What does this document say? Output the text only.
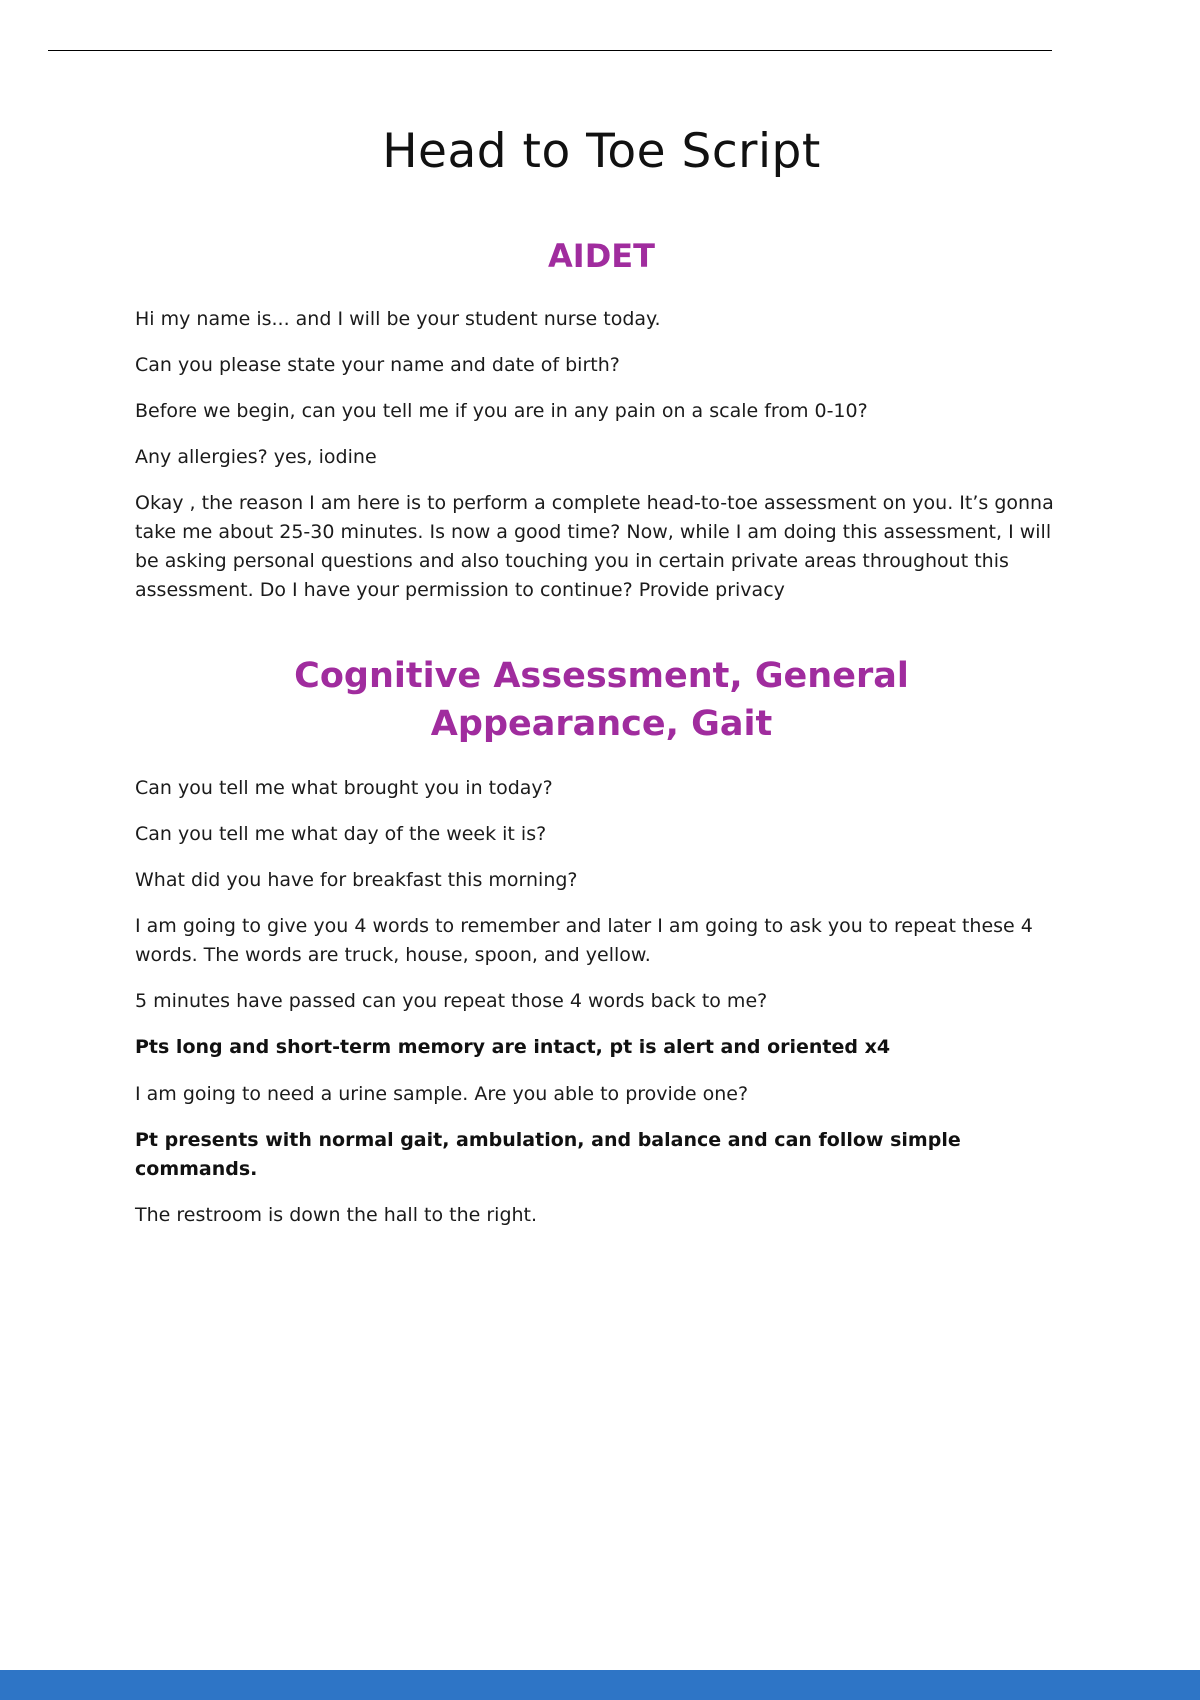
Head to Toe Script
AIDET

Hi my name is... and I will be your student nurse today.

Can you please state your name and date of birth?

Before we begin, can you tell me if you are in any pain on a scale from 0-10?

Any allergies? yes, iodine

Okay , the reason I am here is to perform a complete head-to-toe assessment on you. It’s gonna take me about 25-30 minutes. Is now a good time? Now, while I am doing this assessment, I will be asking personal questions and also touching you in certain private areas throughout this assessment. Do I have your permission to continue? Provide privacy

Cognitive Assessment, General Appearance, Gait

Can you tell me what brought you in today?

Can you tell me what day of the week it is?

What did you have for breakfast this morning?

I am going to give you 4 words to remember and later I am going to ask you to repeat these 4 words. The words are truck, house, spoon, and yellow.

5 minutes have passed can you repeat those 4 words back to me?

Pts long and short-term memory are intact, pt is alert and oriented x4

I am going to need a urine sample. Are you able to provide one?

Pt presents with normal gait, ambulation, and balance and can follow simple commands.

The restroom is down the hall to the right.
